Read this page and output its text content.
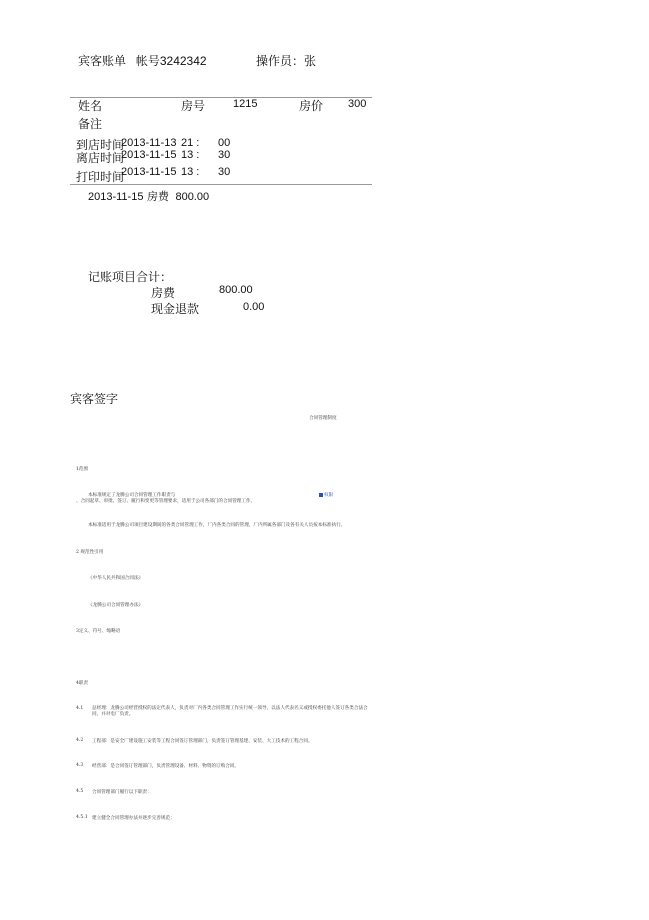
宾客账单 帐号3242342	操作员：张
姓名	房号	1215	房价 300
备注
到店时间
2013-11-13 21 : 00
离店时间
2013-11-15 13 : 30
打印时间
2013-11-15 13 : 30
2013-11-15 房费 800.00
记账项目合计：
房费	800.00
现金退款	0.00
宾客签字
合同管理制度
1范围
本标准规定了龙腾公司合同管理工作职责与	权限
、合同起草、审批、签订、履行和变更等管理要求，适用于公司各部门的合同管理工作。
本标准适用于龙腾公司项目建设期间的各类合同管理工作，厂内各类合同的管理，厂内所属各部门及各有关人员按本标准执行。
2 规范性引用
《中华人民共和国合同法》
《龙腾公司合同管理办法》
3定义、符号、缩略语
4职责
4.1 总经理：龙腾公司经营授权的法定代表人，负责对厂内各类合同管理工作实行统一领导，以法人代表名义或授权委托他人签订各类合法合同，并对电厂负责。
4.2 工程部：是安全厂建设施工安装等工程合同签订管理部门，负责签订管理基建、安装、大工技术的工程合同。
4.3 经营部：是合同签订管理部门，负责管理设备、材料、物资的订购合同。
4.5 合同管理部门履行以下职责：
4.5.1 建立健全合同管理办法并逐步完善规范；
